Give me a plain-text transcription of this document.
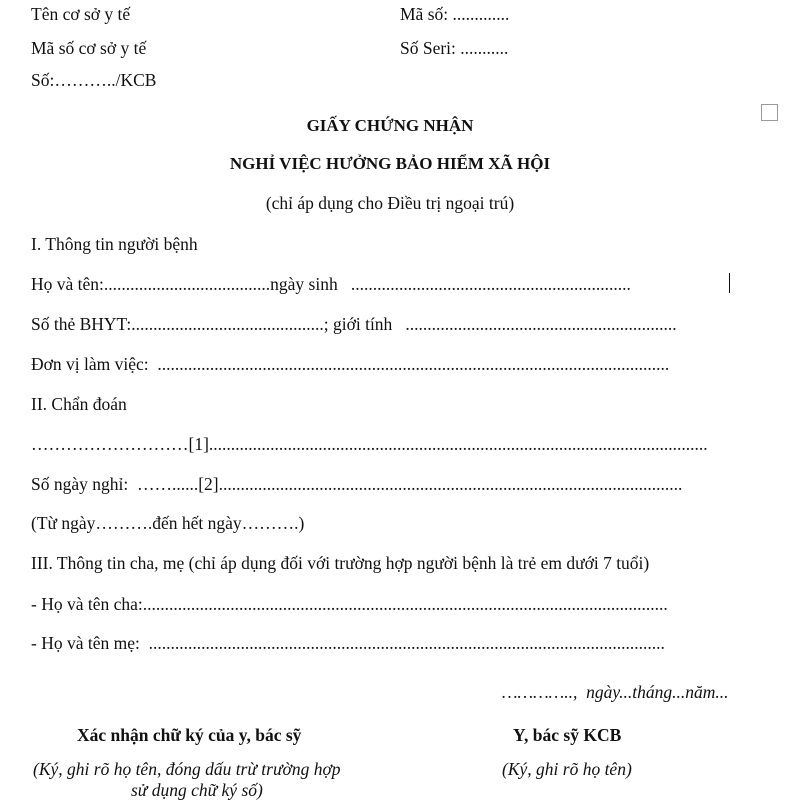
Tên cơ sở y tế	Mã số: .............
Mã số cơ sở y tế	Số Seri: ...........
Số:………../KCB
GIẤY CHỨNG NHẬN
NGHỈ VIỆC HƯỞNG BẢO HIỂM XÃ HỘI
(chỉ áp dụng cho Điều trị ngoại trú)
I. Thông tin người bệnh
Họ và tên:......................................ngày sinh   ................................................................
Số thẻ BHYT:............................................; giới tính   ..............................................................
Đơn vị làm việc:  .....................................................................................................................
II. Chẩn đoán
………………………[1]..................................................................................................................
Số ngày nghỉ:  ……......[2]..........................................................................................................
(Từ ngày……….đến hết ngày……….)
III. Thông tin cha, mẹ (chỉ áp dụng đối với trường hợp người bệnh là trẻ em dưới 7 tuổi)
- Họ và tên cha:........................................................................................................................
- Họ và tên mẹ:  ......................................................................................................................
…………..,  ngày...tháng...năm...
Xác nhận chữ ký của y, bác sỹ	Y, bác sỹ KCB
(Ký, ghi rõ họ tên, đóng dấu trừ trường hợp	(Ký, ghi rõ họ tên)
sử dụng chữ ký số)
